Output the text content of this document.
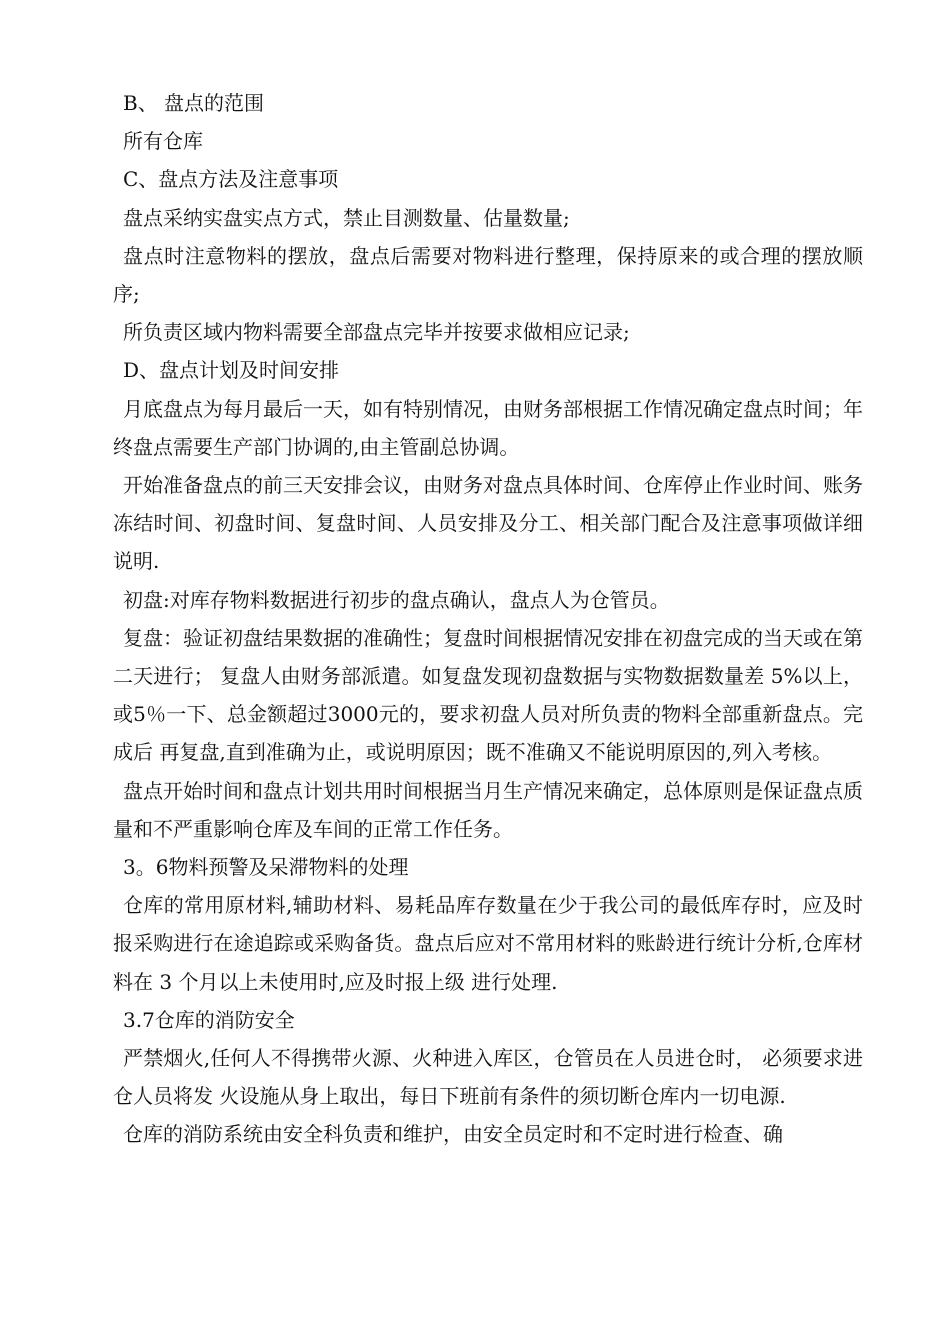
B、 盘点的范围

所有仓库

C、盘点方法及注意事项

盘点采纳实盘实点方式，禁止目测数量、估量数量;

盘点时注意物料的摆放，盘点后需要对物料进行整理，保持原来的或合理的摆放顺序;

所负责区域内物料需要全部盘点完毕并按要求做相应记录;

D、盘点计划及时间安排

月底盘点为每月最后一天，如有特别情况，由财务部根据工作情况确定盘点时间；年终盘点需要生产部门协调的,由主管副总协调。

开始准备盘点的前三天安排会议，由财务对盘点具体时间、仓库停止作业时间、账务冻结时间、初盘时间、复盘时间、人员安排及分工、相关部门配合及注意事项做详细说明.

初盘:对库存物料数据进行初步的盘点确认，盘点人为仓管员。

复盘：验证初盘结果数据的准确性；复盘时间根据情况安排在初盘完成的当天或在第二天进行； 复盘人由财务部派遣。如复盘发现初盘数据与实物数据数量差 5%以上，或5％一下、总金额超过3000元的，要求初盘人员对所负责的物料全部重新盘点。完成后 再复盘,直到准确为止，或说明原因；既不准确又不能说明原因的,列入考核。

盘点开始时间和盘点计划共用时间根据当月生产情况来确定，总体原则是保证盘点质量和不严重影响仓库及车间的正常工作任务。

3。6物料预警及呆滞物料的处理

仓库的常用原材料,辅助材料、易耗品库存数量在少于我公司的最低库存时，应及时报采购进行在途追踪或采购备货。盘点后应对不常用材料的账龄进行统计分析,仓库材料在 3 个月以上未使用时,应及时报上级 进行处理.

3.7仓库的消防安全

严禁烟火,任何人不得携带火源、火种进入库区，仓管员在人员进仓时， 必须要求进仓人员将发 火设施从身上取出，每日下班前有条件的须切断仓库内一切电源.

仓库的消防系统由安全科负责和维护，由安全员定时和不定时进行检查、确
